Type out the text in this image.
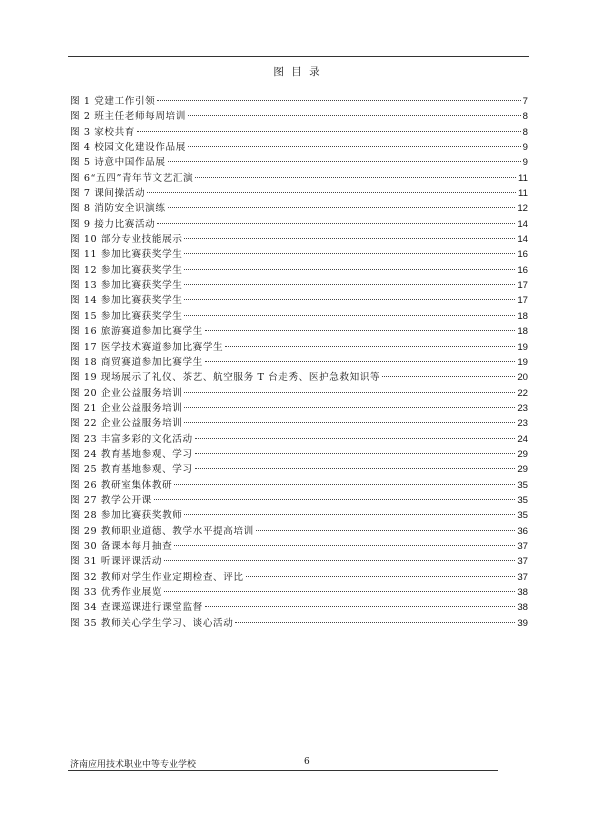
图 目 录
图 1 党建工作引领	7
图 2 班主任老师每周培训	8
图 3 家校共育	8
图 4 校园文化建设作品展	9
图 5 诗意中国作品展	9
图 6“五四”青年节文艺汇演	11
图 7 课间操活动	11
图 8 消防安全识演练	12
图 9 接力比赛活动	14
图 10 部分专业技能展示	14
图 11 参加比赛获奖学生	16
图 12 参加比赛获奖学生	16
图 13 参加比赛获奖学生	17
图 14 参加比赛获奖学生	17
图 15 参加比赛获奖学生	18
图 16 旅游赛道参加比赛学生	18
图 17 医学技术赛道参加比赛学生	19
图 18 商贸赛道参加比赛学生	19
图 19 现场展示了礼仪、茶艺、航空服务 T 台走秀、医护急救知识等	20
图 20 企业公益服务培训	22
图 21 企业公益服务培训	23
图 22 企业公益服务培训	23
图 23 丰富多彩的文化活动	24
图 24 教育基地参观、学习	29
图 25 教育基地参观、学习	29
图 26 教研室集体教研	35
图 27 教学公开课	35
图 28 参加比赛获奖教师	35
图 29 教师职业道德、教学水平提高培训	36
图 30 备课本每月抽查	37
图 31 听课评课活动	37
图 32 教师对学生作业定期检查、评比	37
图 33 优秀作业展览	38
图 34 查课巡课进行课堂监督	38
图 35 教师关心学生学习、谈心活动	39
济南应用技术职业中等专业学校	6
